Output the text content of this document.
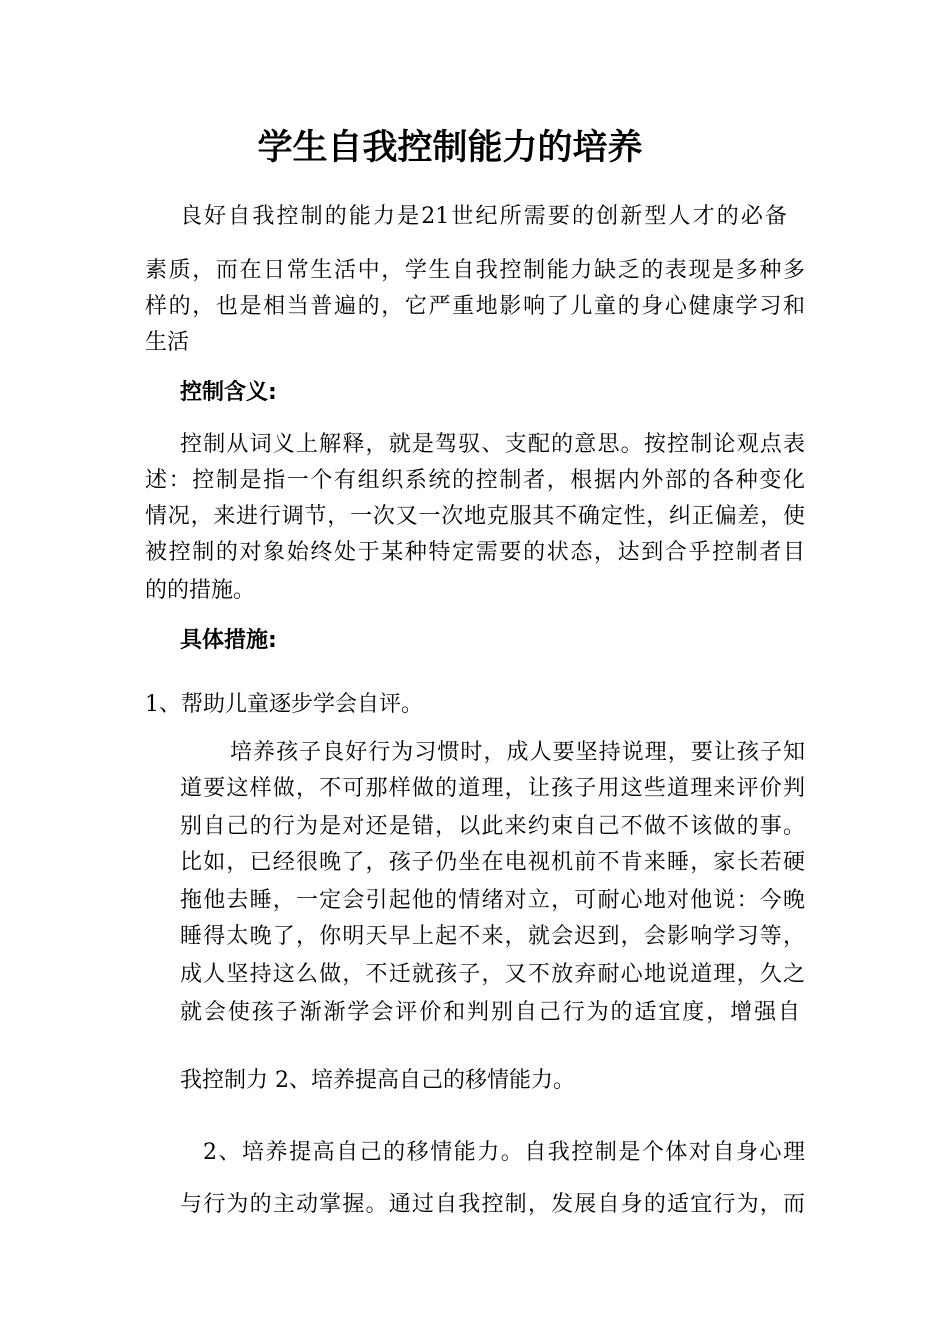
学生自我控制能力的培养
良好自我控制的能力是21世纪所需要的创新型人才的必备
素质，而在日常生活中，学生自我控制能力缺乏的表现是多种多
样的，也是相当普遍的，它严重地影响了儿童的身心健康学习和
生活
控制含义:
控制从词义上解释，就是驾驭、支配的意思。按控制论观点表
述：控制是指一个有组织系统的控制者，根据内外部的各种变化
情况，来进行调节，一次又一次地克服其不确定性，纠正偏差，使
被控制的对象始终处于某种特定需要的状态，达到合乎控制者目
的的措施。
具体措施:
1、帮助儿童逐步学会自评。
培养孩子良好行为习惯时，成人要坚持说理，要让孩子知
道要这样做，不可那样做的道理，让孩子用这些道理来评价判
别自己的行为是对还是错，以此来约束自己不做不该做的事。
比如，已经很晚了，孩子仍坐在电视机前不肯来睡，家长若硬
拖他去睡，一定会引起他的情绪对立，可耐心地对他说：今晚
睡得太晚了，你明天早上起不来，就会迟到，会影响学习等，
成人坚持这么做，不迁就孩子，又不放弃耐心地说道理，久之
就会使孩子渐渐学会评价和判别自己行为的适宜度，增强自
我控制力 2、培养提高自己的移情能力。
2、培养提高自己的移情能力。自我控制是个体对自身心理
与行为的主动掌握。通过自我控制，发展自身的适宜行为，而
